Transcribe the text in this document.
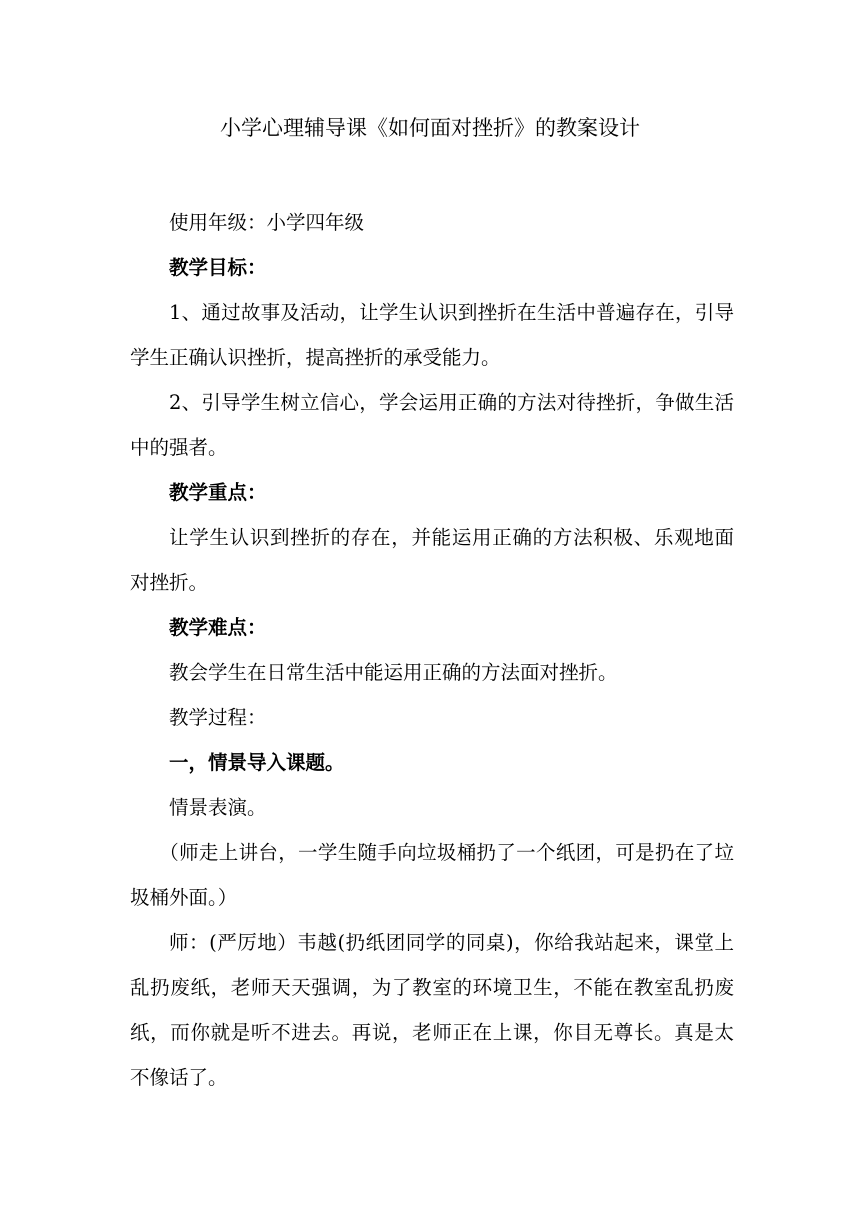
小学心理辅导课《如何面对挫折》的教案设计

使用年级：小学四年级

教学目标：

1、通过故事及活动，让学生认识到挫折在生活中普遍存在，引导学生正确认识挫折，提高挫折的承受能力。

2、引导学生树立信心，学会运用正确的方法对待挫折，争做生活中的强者。

教学重点：

让学生认识到挫折的存在，并能运用正确的方法积极、乐观地面对挫折。

教学难点：

教会学生在日常生活中能运用正确的方法面对挫折。

教学过程：

一，情景导入课题。

情景表演。

（师走上讲台，一学生随手向垃圾桶扔了一个纸团，可是扔在了垃圾桶外面。）

师：(严厉地）韦越(扔纸团同学的同桌)，你给我站起来，课堂上乱扔废纸，老师天天强调，为了教室的环境卫生，不能在教室乱扔废纸，而你就是听不进去。再说，老师正在上课，你目无尊长。真是太不像话了。
